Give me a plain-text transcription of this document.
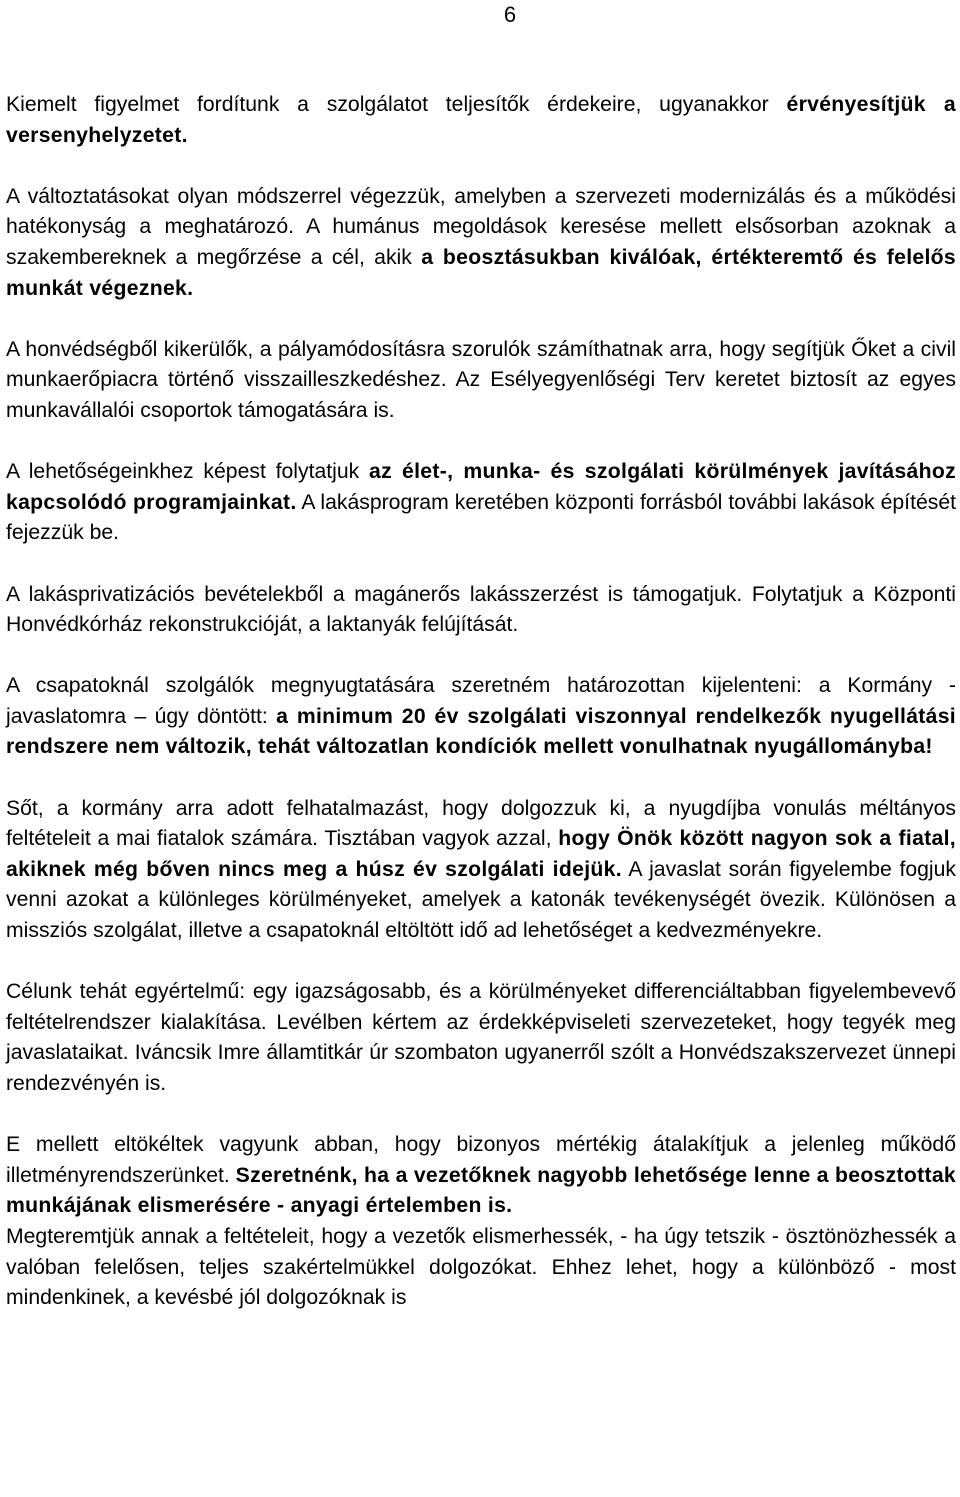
6

Kiemelt figyelmet fordítunk a szolgálatot teljesítők érdekeire, ugyanakkor érvényesítjük a versenyhelyzetet.

A változtatásokat olyan módszerrel végezzük, amelyben a szervezeti modernizálás és a működési hatékonyság a meghatározó. A humánus megoldások keresése mellett elsősorban azoknak a szakembereknek a megőrzése a cél, akik a beosztásukban kiválóak, értékteremtő és felelős munkát végeznek.

A honvédségből kikerülők, a pályamódosításra szorulók számíthatnak arra, hogy segítjük Őket a civil munkaerőpiacra történő visszailleszkedéshez. Az Esélyegyenlőségi Terv keretet biztosít az egyes munkavállalói csoportok támogatására is.

A lehetőségeinkhez képest folytatjuk az élet-, munka- és szolgálati körülmények javításához kapcsolódó programjainkat. A lakásprogram keretében központi forrásból további lakások építését fejezzük be.

A lakásprivatizációs bevételekből a magánerős lakásszerzést is támogatjuk. Folytatjuk a Központi Honvédkórház rekonstrukcióját, a laktanyák felújítását.

A csapatoknál szolgálók megnyugtatására szeretném határozottan kijelenteni: a Kormány - javaslatomra – úgy döntött: a minimum 20 év szolgálati viszonnyal rendelkezők nyugellátási rendszere nem változik, tehát változatlan kondíciók mellett vonulhatnak nyugállományba!

Sőt, a kormány arra adott felhatalmazást, hogy dolgozzuk ki, a nyugdíjba vonulás méltányos feltételeit a mai fiatalok számára. Tisztában vagyok azzal, hogy Önök között nagyon sok a fiatal, akiknek még bőven nincs meg a húsz év szolgálati idejük. A javaslat során figyelembe fogjuk venni azokat a különleges körülményeket, amelyek a katonák tevékenységét övezik. Különösen a missziós szolgálat, illetve a csapatoknál eltöltött idő ad lehetőséget a kedvezményekre.

Célunk tehát egyértelmű: egy igazságosabb, és a körülményeket differenciáltabban figyelembevevő feltételrendszer kialakítása. Levélben kértem az érdekképviseleti szervezeteket, hogy tegyék meg javaslataikat. Iváncsik Imre államtitkár úr szombaton ugyanerről szólt a Honvédszakszervezet ünnepi rendezvényén is.

E mellett eltökéltek vagyunk abban, hogy bizonyos mértékig átalakítjuk a jelenleg működő illetményrendszerünket. Szeretnénk, ha a vezetőknek nagyobb lehetősége lenne a beosztottak munkájának elismerésére - anyagi értelemben is.

Megteremtjük annak a feltételeit, hogy a vezetők elismerhessék, - ha úgy tetszik - ösztönözhessék a valóban felelősen, teljes szakértelmükkel dolgozókat. Ehhez lehet, hogy a különböző - most mindenkinek, a kevésbé jól dolgozóknak is
